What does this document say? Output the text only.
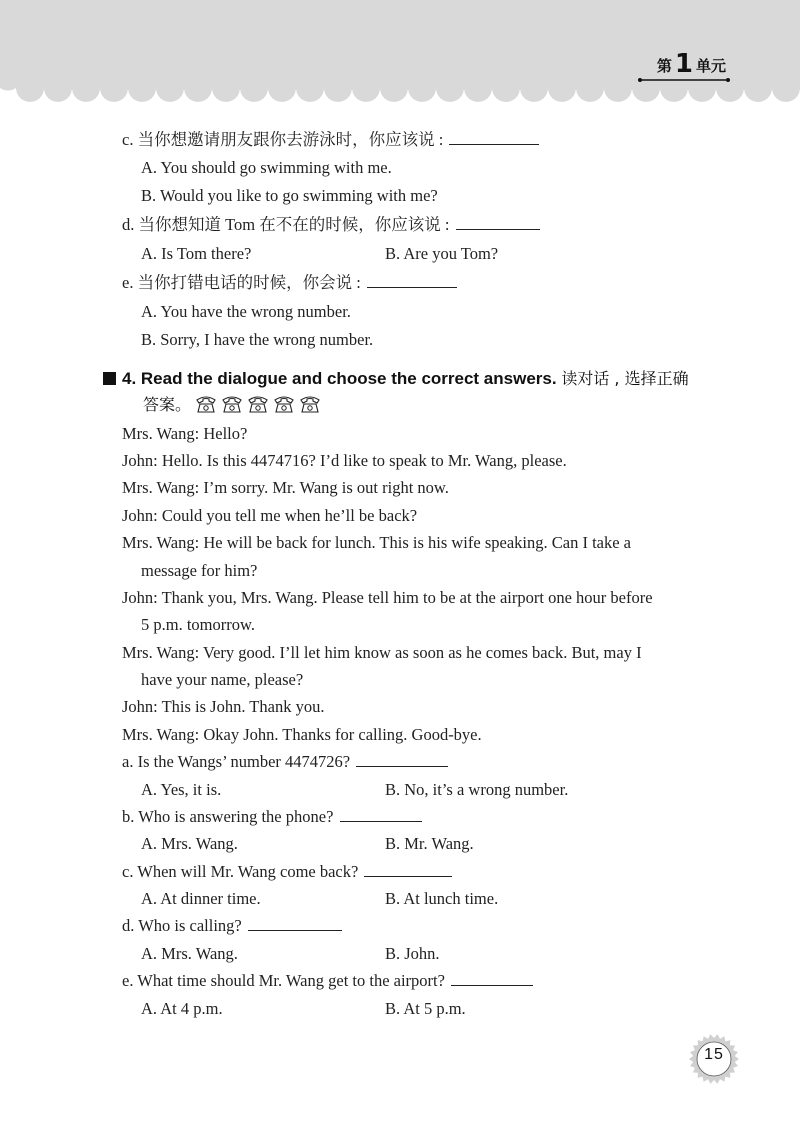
第 1 单元
c. 当你想邀请朋友跟你去游泳时，你应该说 :
A. You should go swimming with me.
B. Would you like to go swimming with me?
d. 当你想知道 Tom 在不在的时候，你应该说 :
A. Is Tom there?	B. Are you Tom?
e. 当你打错电话的时候，你会说 :
A. You have the wrong number.
B. Sorry, I have the wrong number.
4. Read the dialogue and choose the correct answers. 读对话 , 选择正确
答案。
Mrs. Wang: Hello?
John: Hello. Is this 4474716? I’d like to speak to Mr. Wang, please.
Mrs. Wang: I’m sorry. Mr. Wang is out right now.
John: Could you tell me when he’ll be back?
Mrs. Wang: He will be back for lunch. This is his wife speaking. Can I take a
message for him?
John: Thank you, Mrs. Wang. Please tell him to be at the airport one hour before
5 p.m. tomorrow.
Mrs. Wang: Very good. I’ll let him know as soon as he comes back. But, may I
have your name, please?
John: This is John. Thank you.
Mrs. Wang: Okay John. Thanks for calling. Good-bye.
a. Is the Wangs’ number 4474726?
A. Yes, it is.	B. No, it’s a wrong number.
b. Who is answering the phone?
A. Mrs. Wang.	B. Mr. Wang.
c. When will Mr. Wang come back?
A. At dinner time.	B. At lunch time.
d. Who is calling?
A. Mrs. Wang.	B. John.
e. What time should Mr. Wang get to the airport?
A. At 4 p.m.	B. At 5 p.m.
15
